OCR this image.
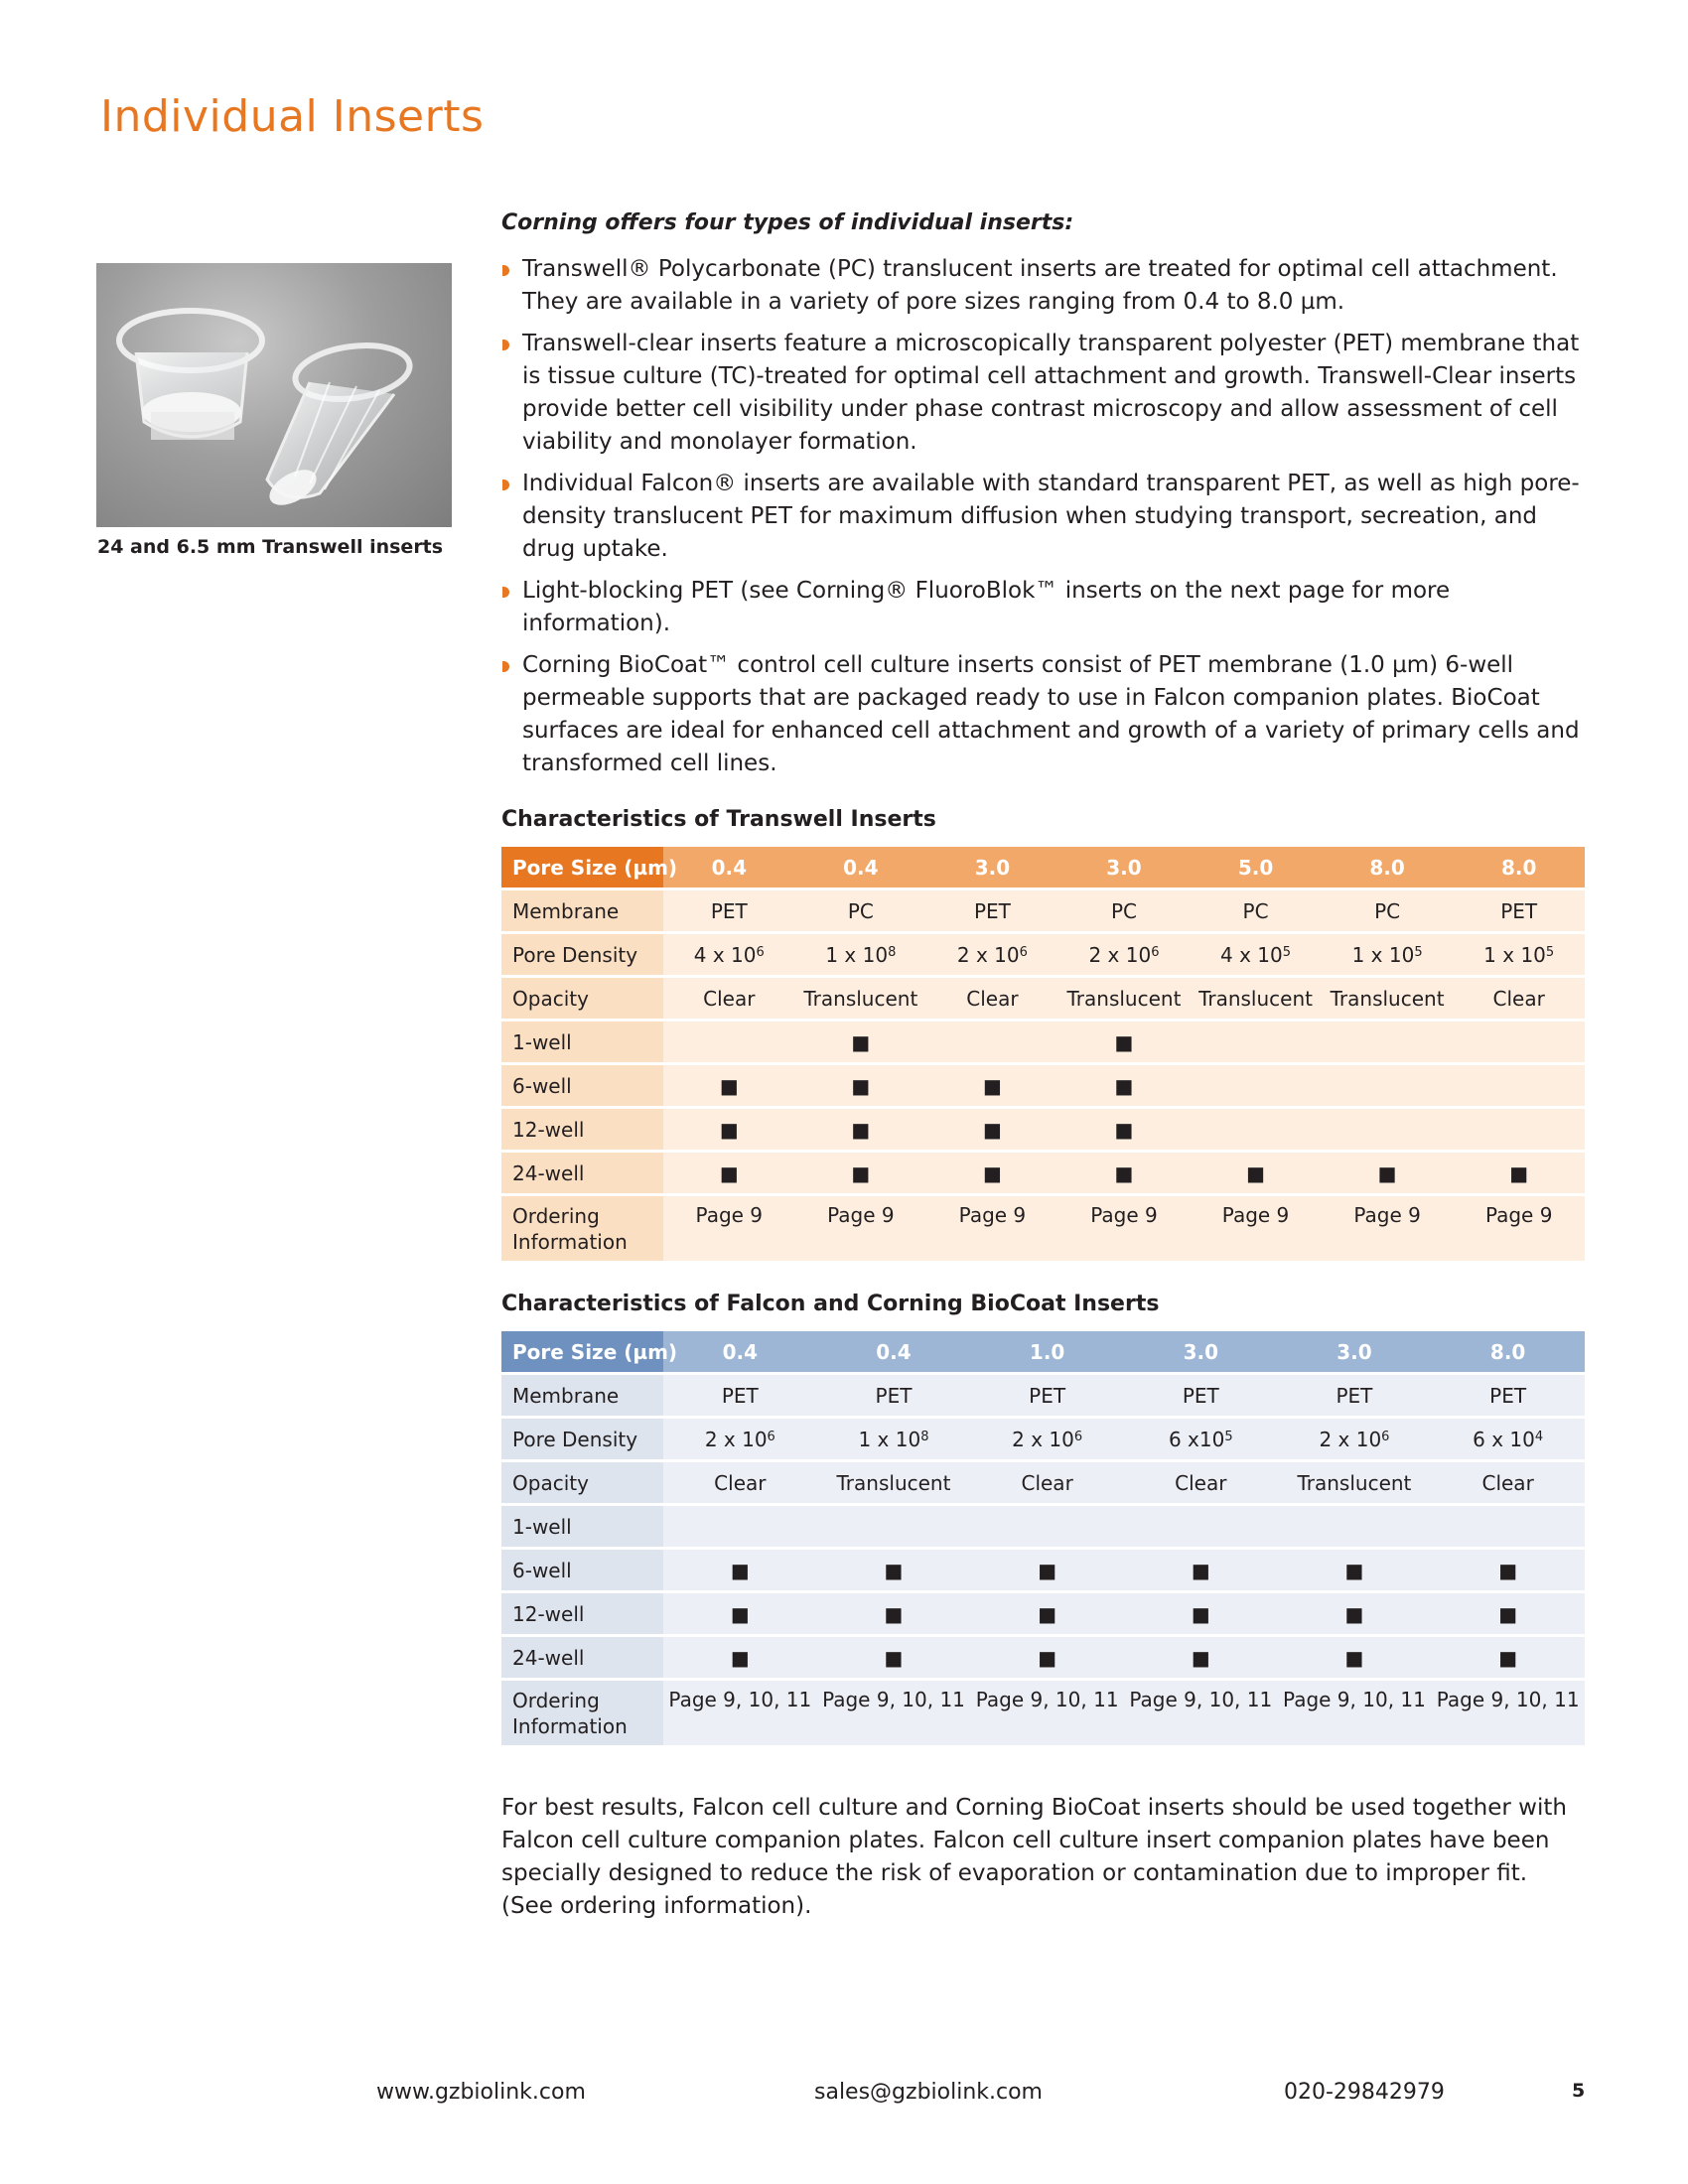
Individual Inserts

24 and 6.5 mm Transwell inserts

Corning offers four types of individual inserts:

Transwell® Polycarbonate (PC) translucent inserts are treated for optimal cell attachment. They are available in a variety of pore sizes ranging from 0.4 to 8.0 µm.
Transwell-clear inserts feature a microscopically transparent polyester (PET) membrane that is tissue culture (TC)-treated for optimal cell attachment and growth. Transwell-Clear inserts provide better cell visibility under phase contrast microscopy and allow assessment of cell viability and monolayer formation.
Individual Falcon® inserts are available with standard transparent PET, as well as high pore-density translucent PET for maximum diffusion when studying transport, secreation, and drug uptake.
Light-blocking PET (see Corning® FluoroBlok™ inserts on the next page for more information).
Corning BioCoat™ control cell culture inserts consist of PET membrane (1.0 µm) 6-well permeable supports that are packaged ready to use in Falcon companion plates. BioCoat surfaces are ideal for enhanced cell attachment and growth of a variety of primary cells and transformed cell lines.

Characteristics of Transwell Inserts

Pore Size (µm)	0.4	0.4	3.0	3.0	5.0	8.0	8.0
Membrane	PET	PC	PET	PC	PC	PC	PET
Pore Density	4 x $10^6$	1 x $10^8$	2 x $10^6$	2 x $10^6$	4 x $10^5$	1 x $10^5$	1 x $10^5$
Opacity	Clear	Translucent	Clear	Translucent	Translucent	Translucent	Clear
1-well		■		■			
6-well	■	■	■	■			
12-well	■	■	■	■			
24-well	■	■	■	■	■	■	■
Ordering Information	Page 9	Page 9	Page 9	Page 9	Page 9	Page 9	Page 9

Characteristics of Falcon and Corning BioCoat Inserts

Pore Size (µm)	0.4	0.4	1.0	3.0	3.0	8.0
Membrane	PET	PET	PET	PET	PET	PET
Pore Density	2 x $10^6$	1 x $10^8$	2 x $10^6$	6 $x10^5$	2 x $10^6$	6 x $10^4$
Opacity	Clear	Translucent	Clear	Clear	Translucent	Clear
1-well						
6-well	■	■	■	■	■	■
12-well	■	■	■	■	■	■
24-well	■	■	■	■	■	■
Ordering Information	Page 9, 10, 11	Page 9, 10, 11	Page 9, 10, 11	Page 9, 10, 11	Page 9, 10, 11	Page 9, 10, 11

For best results, Falcon cell culture and Corning BioCoat inserts should be used together with Falcon cell culture companion plates. Falcon cell culture insert companion plates have been specially designed to reduce the risk of evaporation or contamination due to improper fit. (See ordering information).

www.gzbiolink.com	sales@gzbiolink.com	020-29842979	5
